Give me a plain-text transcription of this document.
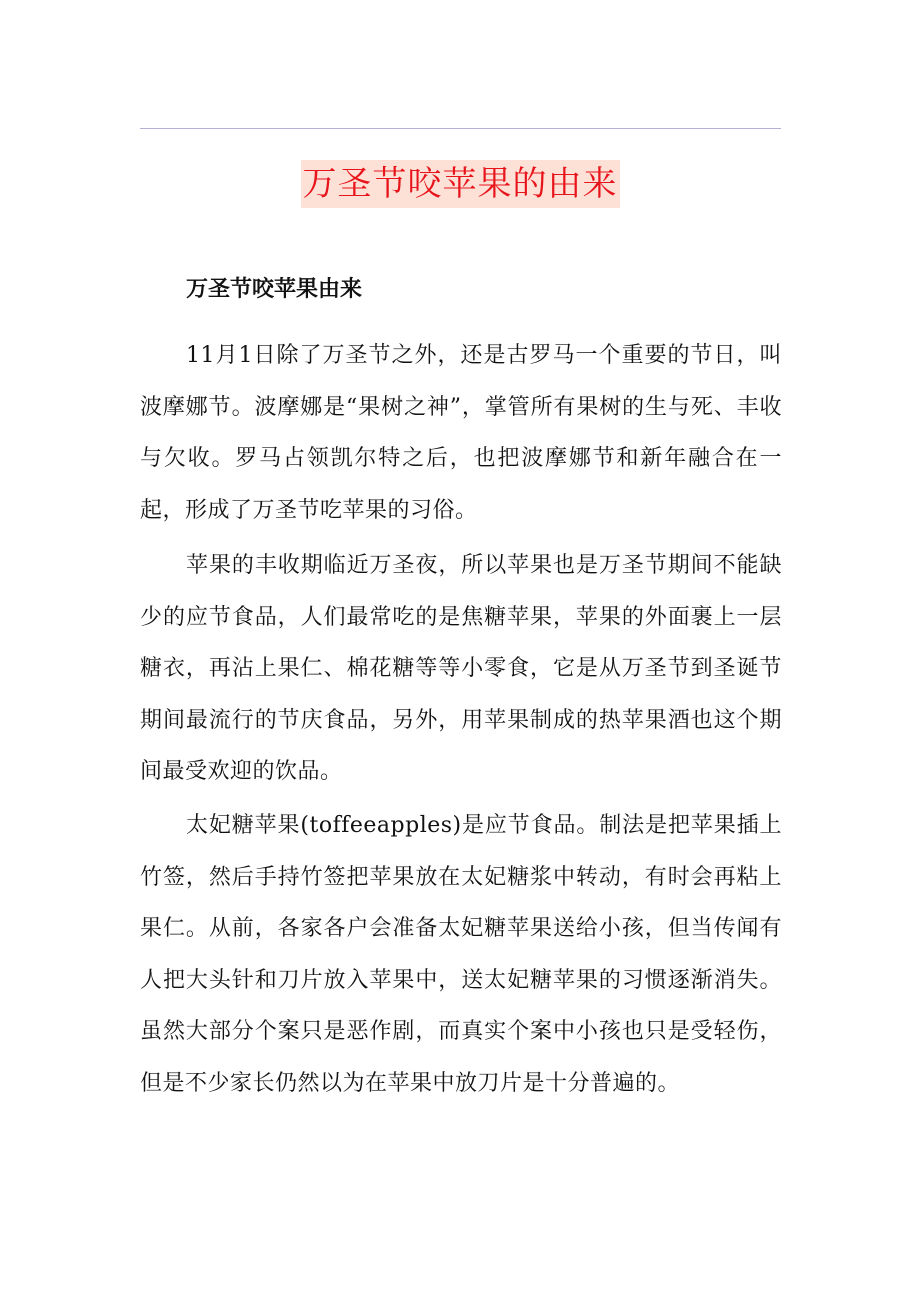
万圣节咬苹果的由来
万圣节咬苹果由来

11月1日除了万圣节之外，还是古罗马一个重要的节日，叫波摩娜节。波摩娜是“果树之神”，掌管所有果树的生与死、丰收与欠收。罗马占领凯尔特之后，也把波摩娜节和新年融合在一起，形成了万圣节吃苹果的习俗。

苹果的丰收期临近万圣夜，所以苹果也是万圣节期间不能缺少的应节食品，人们最常吃的是焦糖苹果，苹果的外面裹上一层糖衣，再沾上果仁、棉花糖等等小零食，它是从万圣节到圣诞节期间最流行的节庆食品，另外，用苹果制成的热苹果酒也这个期间最受欢迎的饮品。

太妃糖苹果(toffeeapples)是应节食品。制法是把苹果插上竹签，然后手持竹签把苹果放在太妃糖浆中转动，有时会再粘上果仁。从前，各家各户会准备太妃糖苹果送给小孩，但当传闻有人把大头针和刀片放入苹果中，送太妃糖苹果的习惯逐渐消失。虽然大部分个案只是恶作剧，而真实个案中小孩也只是受轻伤，但是不少家长仍然以为在苹果中放刀片是十分普遍的。
